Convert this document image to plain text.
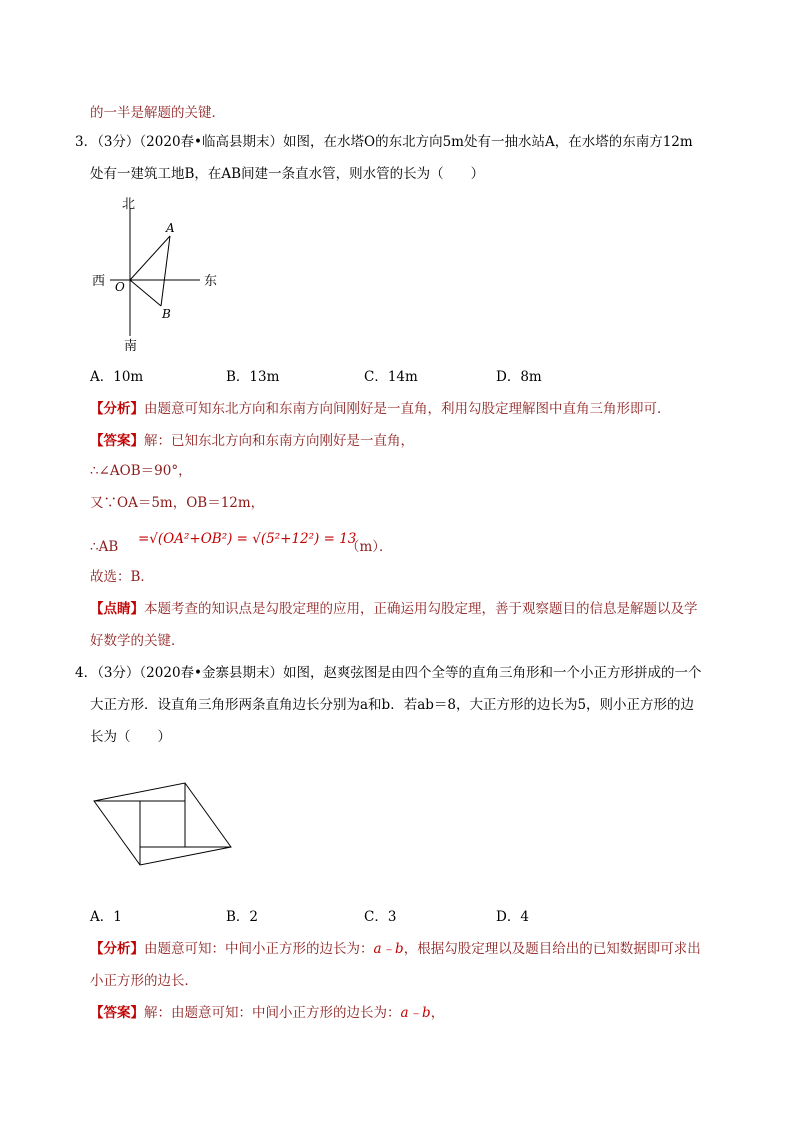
的一半是解题的关键．
3．（3分）（2020春•临高县期末）如图，在水塔O的东北方向5m处有一抽水站A，在水塔的东南方12m
处有一建筑工地B，在AB间建一条直水管，则水管的长为（　　）
北
南
西	东
O
A
B
A．10m	B．13m	C．14m	D．8m
【分析】由题意可知东北方向和东南方向间刚好是一直角，利用勾股定理解图中直角三角形即可．
【答案】解：已知东北方向和东南方向刚好是一直角，
∴∠AOB＝90°，
又∵OA＝5m，OB＝12m，
∴AB =√(OA²+OB²) = √(5²+12²) = 13
（m）．
故选：B．
【点睛】本题考查的知识点是勾股定理的应用，正确运用勾股定理，善于观察题目的信息是解题以及学
好数学的关键．
4．（3分）（2020春•金寨县期末）如图，赵爽弦图是由四个全等的直角三角形和一个小正方形拼成的一个
大正方形．设直角三角形两条直角边长分别为a和b．若ab＝8，大正方形的边长为5，则小正方形的边
长为（　　）
A．1	B．2	C．3	D．4
【分析】由题意可知：中间小正方形的边长为：a﹣b，根据勾股定理以及题目给出的已知数据即可求出
小正方形的边长．
【答案】解：由题意可知：中间小正方形的边长为：a﹣b，
